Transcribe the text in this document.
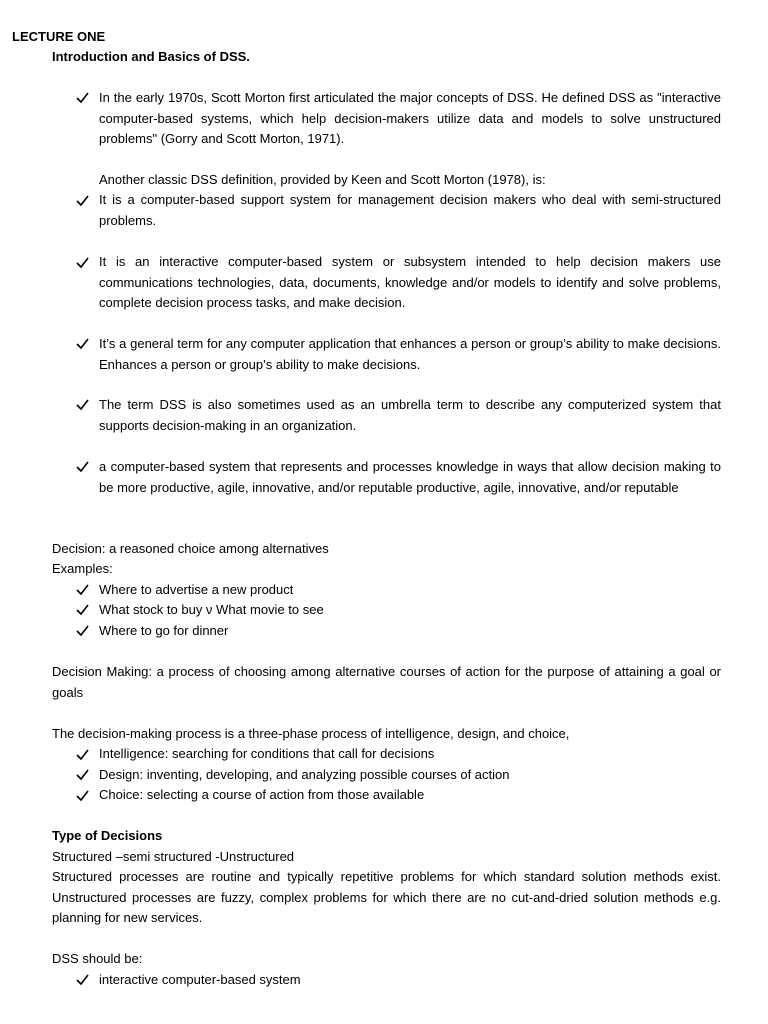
LECTURE ONE
Introduction and Basics of DSS.
In the early 1970s, Scott Morton first articulated the major concepts of DSS. He defined DSS as "interactive computer-based systems, which help decision-makers utilize data and models to solve unstructured problems" (Gorry and Scott Morton, 1971).
Another classic DSS definition, provided by Keen and Scott Morton (1978), is:
It is a computer-based support system for management decision makers who deal with semi-structured problems.
It is an interactive computer-based system or subsystem intended to help decision makers use communications technologies, data, documents, knowledge and/or models to identify and solve problems, complete decision process tasks, and make decision.
It’s a general term for any computer application that enhances a person or group’s ability to make decisions. Enhances a person or group’s ability to make decisions.
The term DSS is also sometimes used as an umbrella term to describe any computerized system that supports decision-making in an organization.
a computer-based system that represents and processes knowledge in ways that allow decision making to be more productive, agile, innovative, and/or reputable productive, agile, innovative, and/or reputable
Decision: a reasoned choice among alternatives
Examples:
Where to advertise a new product
What stock to buy ν What movie to see
Where to go for dinner
Decision Making: a process of choosing among alternative courses of action for the purpose of attaining a goal or goals
The decision-making process is a three-phase process of intelligence, design, and choice,
Intelligence: searching for conditions that call for decisions
Design: inventing, developing, and analyzing possible courses of action
Choice: selecting a course of action from those available
Type of Decisions
Structured –semi structured -Unstructured
Structured processes are routine and typically repetitive problems for which standard solution methods exist. Unstructured processes are fuzzy, complex problems for which there are no cut-and-dried solution methods e.g. planning for new services.
DSS should be:
interactive computer-based system
